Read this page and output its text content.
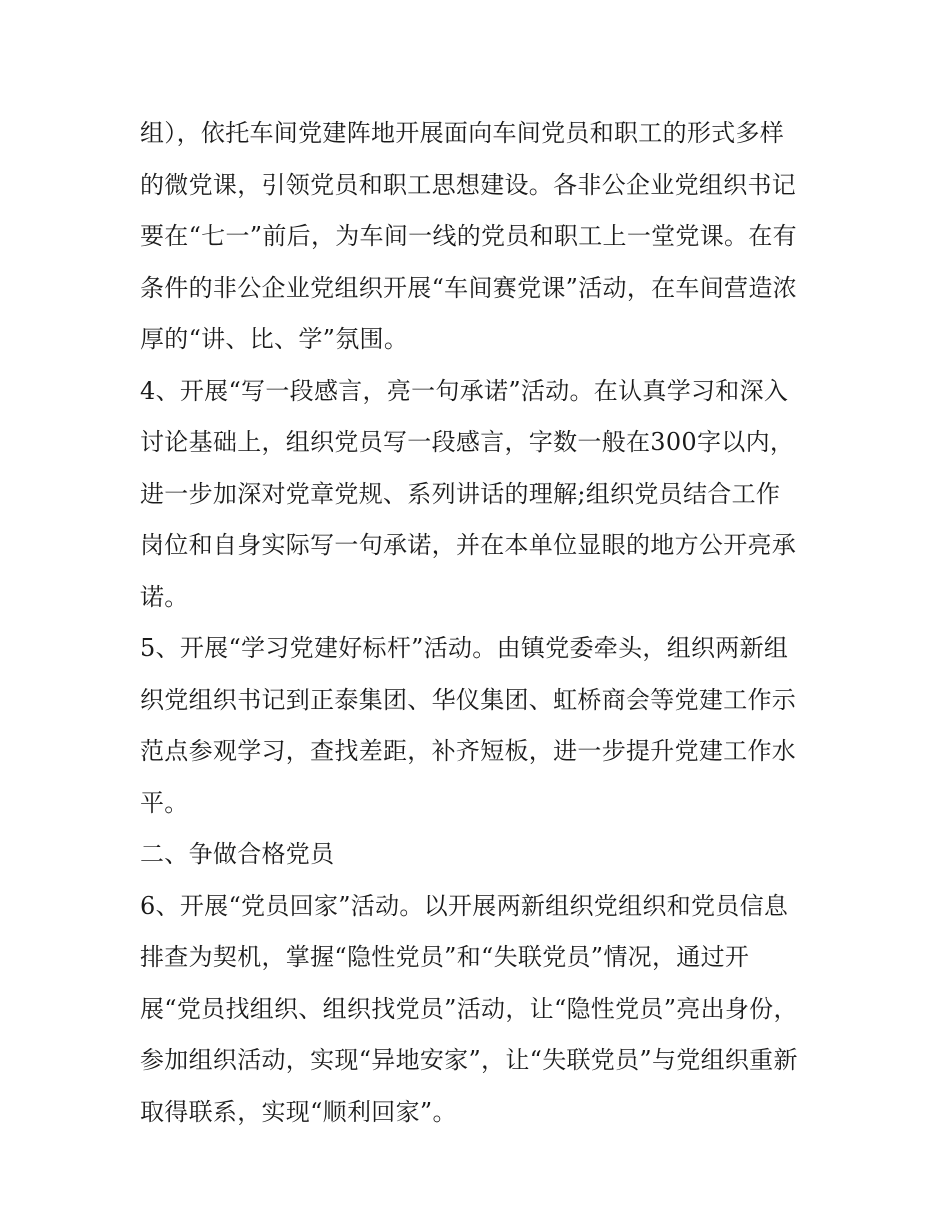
组），依托车间党建阵地开展面向车间党员和职工的形式多样
的微党课，引领党员和职工思想建设。各非公企业党组织书记
要在“七一”前后，为车间一线的党员和职工上一堂党课。在有
条件的非公企业党组织开展“车间赛党课”活动，在车间营造浓
厚的“讲、比、学”氛围。
4、开展“写一段感言，亮一句承诺”活动。在认真学习和深入
讨论基础上，组织党员写一段感言，字数一般在300字以内，
进一步加深对党章党规、系列讲话的理解;组织党员结合工作
岗位和自身实际写一句承诺，并在本单位显眼的地方公开亮承
诺。
5、开展“学习党建好标杆”活动。由镇党委牵头，组织两新组
织党组织书记到正泰集团、华仪集团、虹桥商会等党建工作示
范点参观学习，查找差距，补齐短板，进一步提升党建工作水
平。
二、争做合格党员
6、开展“党员回家”活动。以开展两新组织党组织和党员信息
排查为契机，掌握“隐性党员”和“失联党员”情况，通过开
展“党员找组织、组织找党员”活动，让“隐性党员”亮出身份，
参加组织活动，实现“异地安家”，让“失联党员”与党组织重新
取得联系，实现“顺利回家”。
